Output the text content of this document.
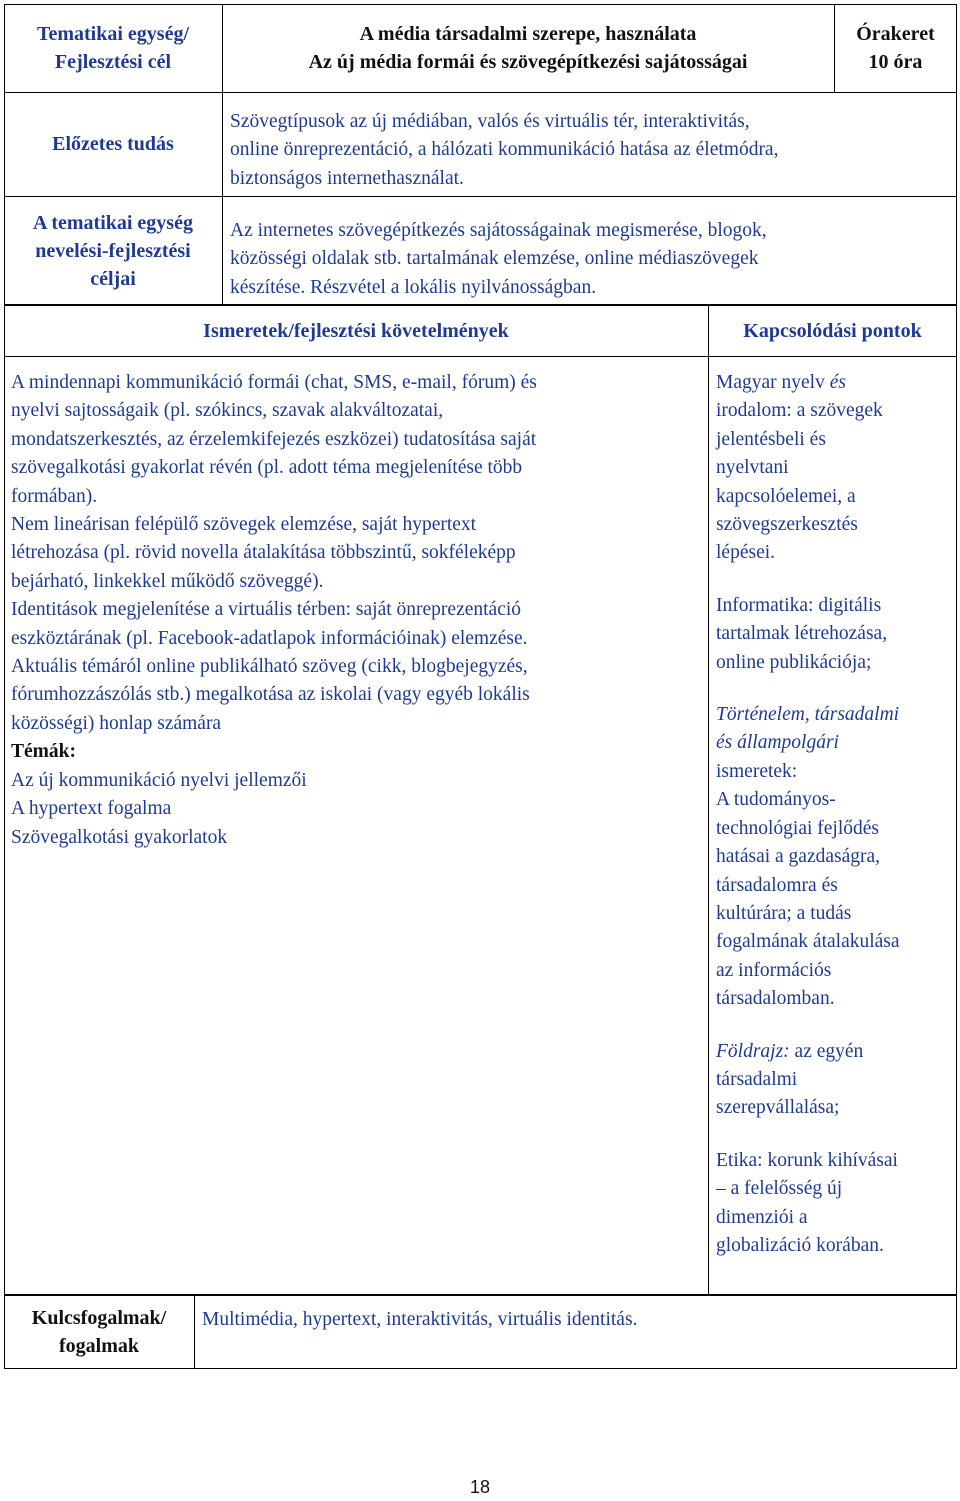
Tematikai egység/
Fejlesztési cél
A média társadalmi szerepe, használata
Az új média formái és szövegépítkezési sajátosságai
Órakeret
10 óra
Előzetes tudás
Szövegtípusok az új médiában, valós és virtuális tér, interaktivitás,
online önreprezentáció, a hálózati kommunikáció hatása az életmódra,
biztonságos internethasználat.
A tematikai egység
nevelési-fejlesztési
céljai
Az internetes szövegépítkezés sajátosságainak megismerése, blogok,
közösségi oldalak stb. tartalmának elemzése, online médiaszövegek
készítése. Részvétel a lokális nyilvánosságban.
Ismeretek/fejlesztési követelmények	Kapcsolódási pontok
A mindennapi kommunikáció formái (chat, SMS, e-mail, fórum) és
nyelvi sajtosságaik (pl. szókincs, szavak alakváltozatai,
mondatszerkesztés, az érzelemkifejezés eszközei) tudatosítása saját
szövegalkotási gyakorlat révén (pl. adott téma megjelenítése több
formában).
Nem lineárisan felépülő szövegek elemzése, saját hypertext
létrehozása (pl. rövid novella átalakítása többszintű, sokféleképp
bejárható, linkekkel működő szöveggé).
Identitások megjelenítése a virtuális térben: saját önreprezentáció
eszköztárának (pl. Facebook-adatlapok információinak) elemzése.
Aktuális témáról online publikálható szöveg (cikk, blogbejegyzés,
fórumhozzászólás stb.) megalkotása az iskolai (vagy egyéb lokális
közösségi) honlap számára
Témák:
Az új kommunikáció nyelvi jellemzői
A hypertext fogalma
Szövegalkotási gyakorlatok
Magyar nyelv és
irodalom: a szövegek
jelentésbeli és
nyelvtani
kapcsolóelemei, a
szövegszerkesztés
lépései.
Informatika: digitális
tartalmak létrehozása,
online publikációja;
Történelem, társadalmi
és állampolgári
ismeretek:
A tudományos-
technológiai fejlődés
hatásai a gazdaságra,
társadalomra és
kultúrára; a tudás
fogalmának átalakulása
az információs
társadalomban.
Földrajz: az egyén
társadalmi
szerepvállalása;
Etika: korunk kihívásai
– a felelősség új
dimenziói a
globalizáció korában.
Kulcsfogalmak/
fogalmak
Multimédia, hypertext, interaktivitás, virtuális identitás.
18
